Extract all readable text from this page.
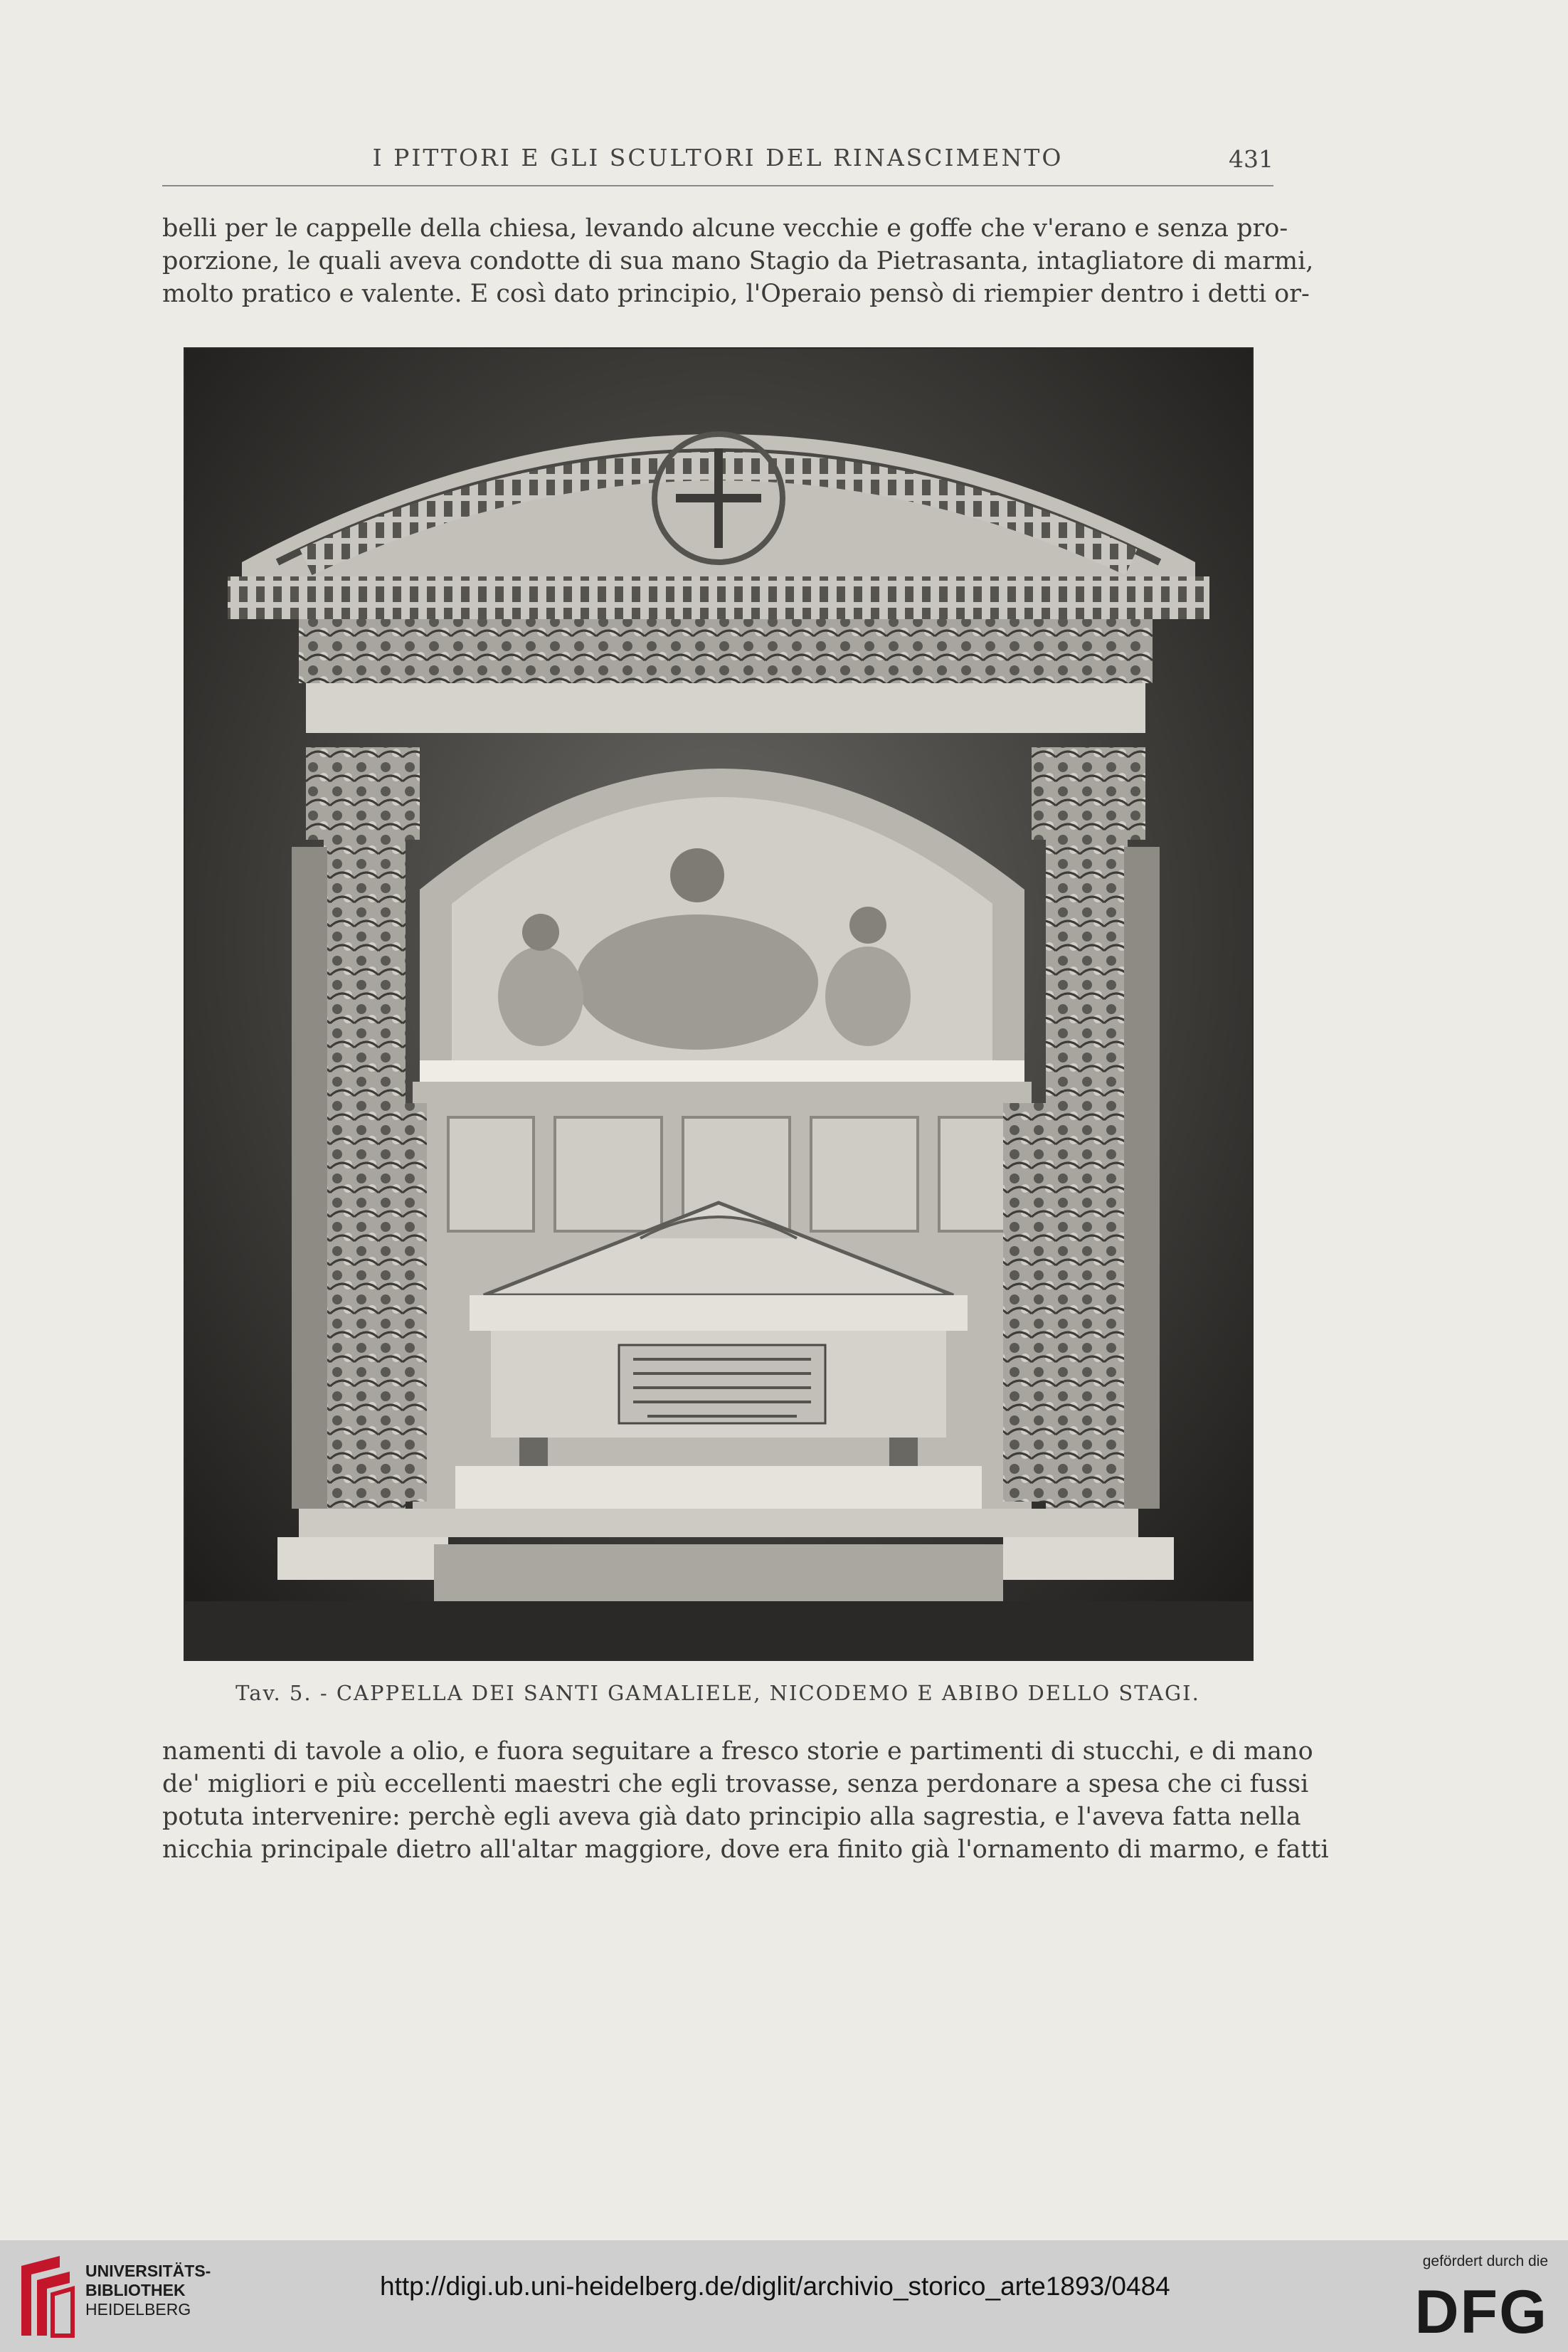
I PITTORI E GLI SCULTORI DEL RINASCIMENTO	431
belli per le cappelle della chiesa, levando alcune vecchie e goffe che v'erano e senza pro-
porzione, le quali aveva condotte di sua mano Stagio da Pietrasanta, intagliatore di marmi,
molto pratico e valente. E così dato principio, l'Operaio pensò di riempier dentro i detti or-
Tav. 5. - CAPPELLA DEI SANTI GAMALIELE, NICODEMO E ABIBO DELLO STAGI.
namenti di tavole a olio, e fuora seguitare a fresco storie e partimenti di stucchi, e di mano
de' migliori e più eccellenti maestri che egli trovasse, senza perdonare a spesa che ci fussi
potuta intervenire: perchè egli aveva già dato principio alla sagrestia, e l'aveva fatta nella
nicchia principale dietro all'altar maggiore, dove era finito già l'ornamento di marmo, e fatti
UNIVERSITÄTS-
BIBLIOTHEK
HEIDELBERG
http://digi.ub.uni-heidelberg.de/diglit/archivio_storico_arte1893/0484
gefördert durch die
DFG
